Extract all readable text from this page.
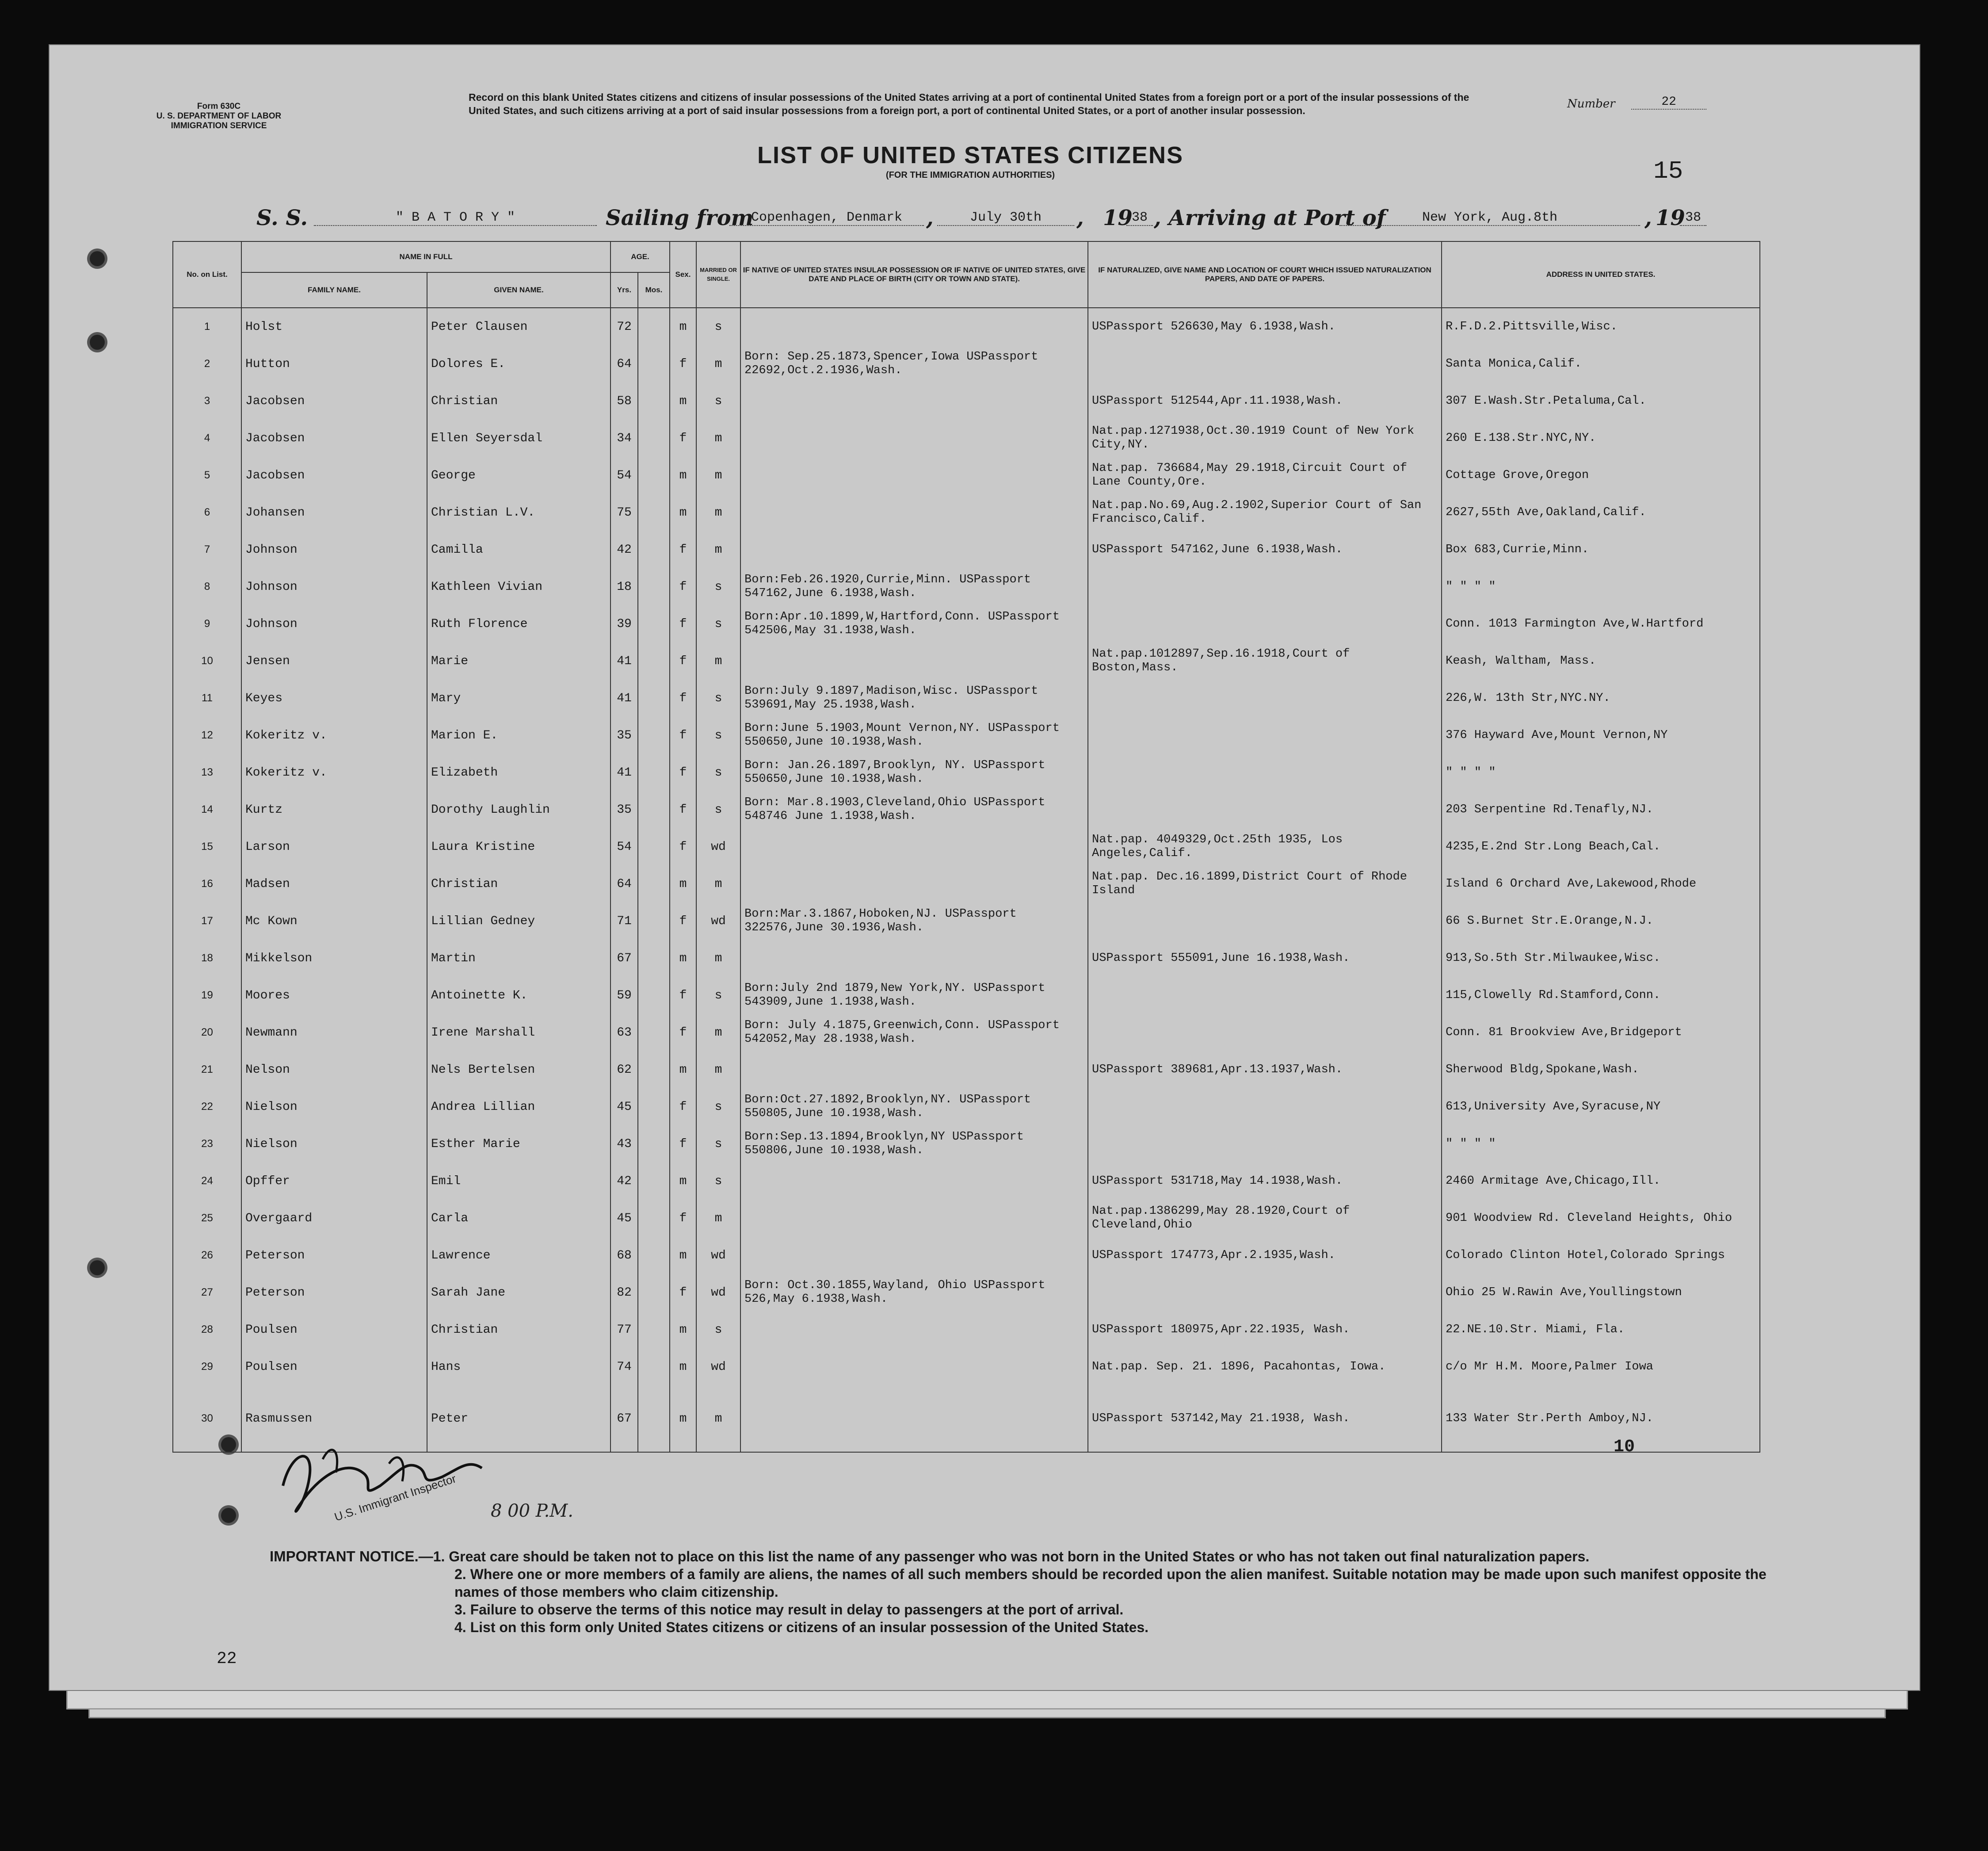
Form 630C
U. S. DEPARTMENT OF LABOR
IMMIGRATION SERVICE
Record on this blank United States citizens and citizens of insular possessions of the United States arriving at a port of continental United States from a foreign port or a port of the insular possessions of the United States, and such citizens arriving at a port of said insular possessions from a foreign port, a port of continental United States, or a port of another insular possession.	Number	22
LIST OF UNITED STATES CITIZENS
(FOR THE IMMIGRATION AUTHORITIES)	15
S. S.	" B A T O R Y "	Sailing from
Copenhagen, Denmark	,	July 30th	, 19
38 , Arriving at Port of	New York, Aug.8th	, 19 38
No. on List.	NAME IN FULL		AGE.		Sex.	MARRIED OR SINGLE.	IF NATIVE OF UNITED STATES INSULAR POSSESSION OR IF NATIVE OF UNITED STATES, GIVE DATE AND PLACE OF BIRTH (CITY OR TOWN AND STATE).	IF NATURALIZED, GIVE NAME AND LOCATION OF COURT WHICH ISSUED NATURALIZATION PAPERS, AND DATE OF PAPERS.	ADDRESS IN UNITED STATES.
	FAMILY NAME.	GIVEN NAME.	Yrs.	Mos.					
1	Holst	Peter Clausen	72		m	s		USPassport 526630,May 6.1938,Wash.	R.F.D.2.Pittsville,Wisc.
2	Hutton	Dolores E.	64		f	m	Born: Sep.25.1873,Spencer,Iowa USPassport 22692,Oct.2.1936,Wash.		Santa Monica,Calif.
3	Jacobsen	Christian	58		m	s		USPassport 512544,Apr.11.1938,Wash.	307 E.Wash.Str.Petaluma,Cal.
4	Jacobsen	Ellen Seyersdal	34		f	m		Nat.pap.1271938,Oct.30.1919 Count of New York City,NY.	260 E.138.Str.NYC,NY.
5	Jacobsen	George	54		m	m		Nat.pap. 736684,May 29.1918,Circuit Court of Lane County,Ore.	Cottage Grove,Oregon
6	Johansen	Christian L.V.	75		m	m		Nat.pap.No.69,Aug.2.1902,Superior Court of San Francisco,Calif.	2627,55th Ave,Oakland,Calif.
7	Johnson	Camilla	42		f	m		USPassport 547162,June 6.1938,Wash.	Box 683,Currie,Minn.
8	Johnson	Kathleen Vivian	18		f	s	Born:Feb.26.1920,Currie,Minn. USPassport 547162,June 6.1938,Wash.		" " " "
9	Johnson	Ruth Florence	39		f	s	Born:Apr.10.1899,W,Hartford,Conn. USPassport 542506,May 31.1938,Wash.		Conn. 1013 Farmington Ave,W.Hartford
10	Jensen	Marie	41		f	m		Nat.pap.1012897,Sep.16.1918,Court of Boston,Mass.	Keash, Waltham, Mass.
11	Keyes	Mary	41		f	s	Born:July 9.1897,Madison,Wisc. USPassport 539691,May 25.1938,Wash.		226,W. 13th Str,NYC.NY.
12	Kokeritz v.	Marion E.	35		f	s	Born:June 5.1903,Mount Vernon,NY. USPassport 550650,June 10.1938,Wash.		376 Hayward Ave,Mount Vernon,NY
13	Kokeritz v.	Elizabeth	41		f	s	Born: Jan.26.1897,Brooklyn, NY. USPassport 550650,June 10.1938,Wash.		" " " "
14	Kurtz	Dorothy Laughlin	35		f	s	Born: Mar.8.1903,Cleveland,Ohio USPassport 548746 June 1.1938,Wash.		203 Serpentine Rd.Tenafly,NJ.
15	Larson	Laura Kristine	54		f	wd		Nat.pap. 4049329,Oct.25th 1935, Los Angeles,Calif.	4235,E.2nd Str.Long Beach,Cal.
16	Madsen	Christian	64		m	m		Nat.pap. Dec.16.1899,District Court of Rhode Island	Island 6 Orchard Ave,Lakewood,Rhode
17	Mc Kown	Lillian Gedney	71		f	wd	Born:Mar.3.1867,Hoboken,NJ. USPassport 322576,June 30.1936,Wash.		66 S.Burnet Str.E.Orange,N.J.
18	Mikkelson	Martin	67		m	m		USPassport 555091,June 16.1938,Wash.	913,So.5th Str.Milwaukee,Wisc.
19	Moores	Antoinette K.	59		f	s	Born:July 2nd 1879,New York,NY. USPassport 543909,June 1.1938,Wash.		115,Clowelly Rd.Stamford,Conn.
20	Newmann	Irene Marshall	63		f	m	Born: July 4.1875,Greenwich,Conn. USPassport 542052,May 28.1938,Wash.		Conn. 81 Brookview Ave,Bridgeport
21	Nelson	Nels Bertelsen	62		m	m		USPassport 389681,Apr.13.1937,Wash.	Sherwood Bldg,Spokane,Wash.
22	Nielson	Andrea Lillian	45		f	s	Born:Oct.27.1892,Brooklyn,NY. USPassport 550805,June 10.1938,Wash.		613,University Ave,Syracuse,NY
23	Nielson	Esther Marie	43		f	s	Born:Sep.13.1894,Brooklyn,NY USPassport 550806,June 10.1938,Wash.		" " " "
24	Opffer	Emil	42		m	s		USPassport 531718,May 14.1938,Wash.	2460 Armitage Ave,Chicago,Ill.
25	Overgaard	Carla	45		f	m		Nat.pap.1386299,May 28.1920,Court of Cleveland,Ohio	901 Woodview Rd. Cleveland Heights, Ohio
26	Peterson	Lawrence	68		m	wd		USPassport 174773,Apr.2.1935,Wash.	Colorado Clinton Hotel,Colorado Springs
27	Peterson	Sarah Jane	82		f	wd	Born: Oct.30.1855,Wayland, Ohio USPassport 526,May 6.1938,Wash.		Ohio 25 W.Rawin Ave,Youllingstown
28	Poulsen	Christian	77		m	s		USPassport 180975,Apr.22.1935, Wash.	22.NE.10.Str. Miami, Fla.
29	Poulsen	Hans	74		m	wd		Nat.pap. Sep. 21. 1896, Pacahontas, Iowa.	c/o Mr H.M. Moore,Palmer Iowa
30	Rasmussen	Peter	67		m	m		USPassport 537142,May 21.1938, Wash.	133 Water Str.Perth Amboy,NJ.
10
U.S. Immigrant Inspector 8 00 P.M.

IMPORTANT NOTICE.—1. Great care should be taken not to place on this list the name of any passenger who was not born in the United States or who has not taken out final naturalization papers.

2. Where one or more members of a family are aliens, the names of all such members should be recorded upon the alien manifest. Suitable notation may be made upon such manifest opposite the names of those members who claim citizenship.

3. Failure to observe the terms of this notice may result in delay to passengers at the port of arrival.

4. List on this form only United States citizens or citizens of an insular possession of the United States.

22
